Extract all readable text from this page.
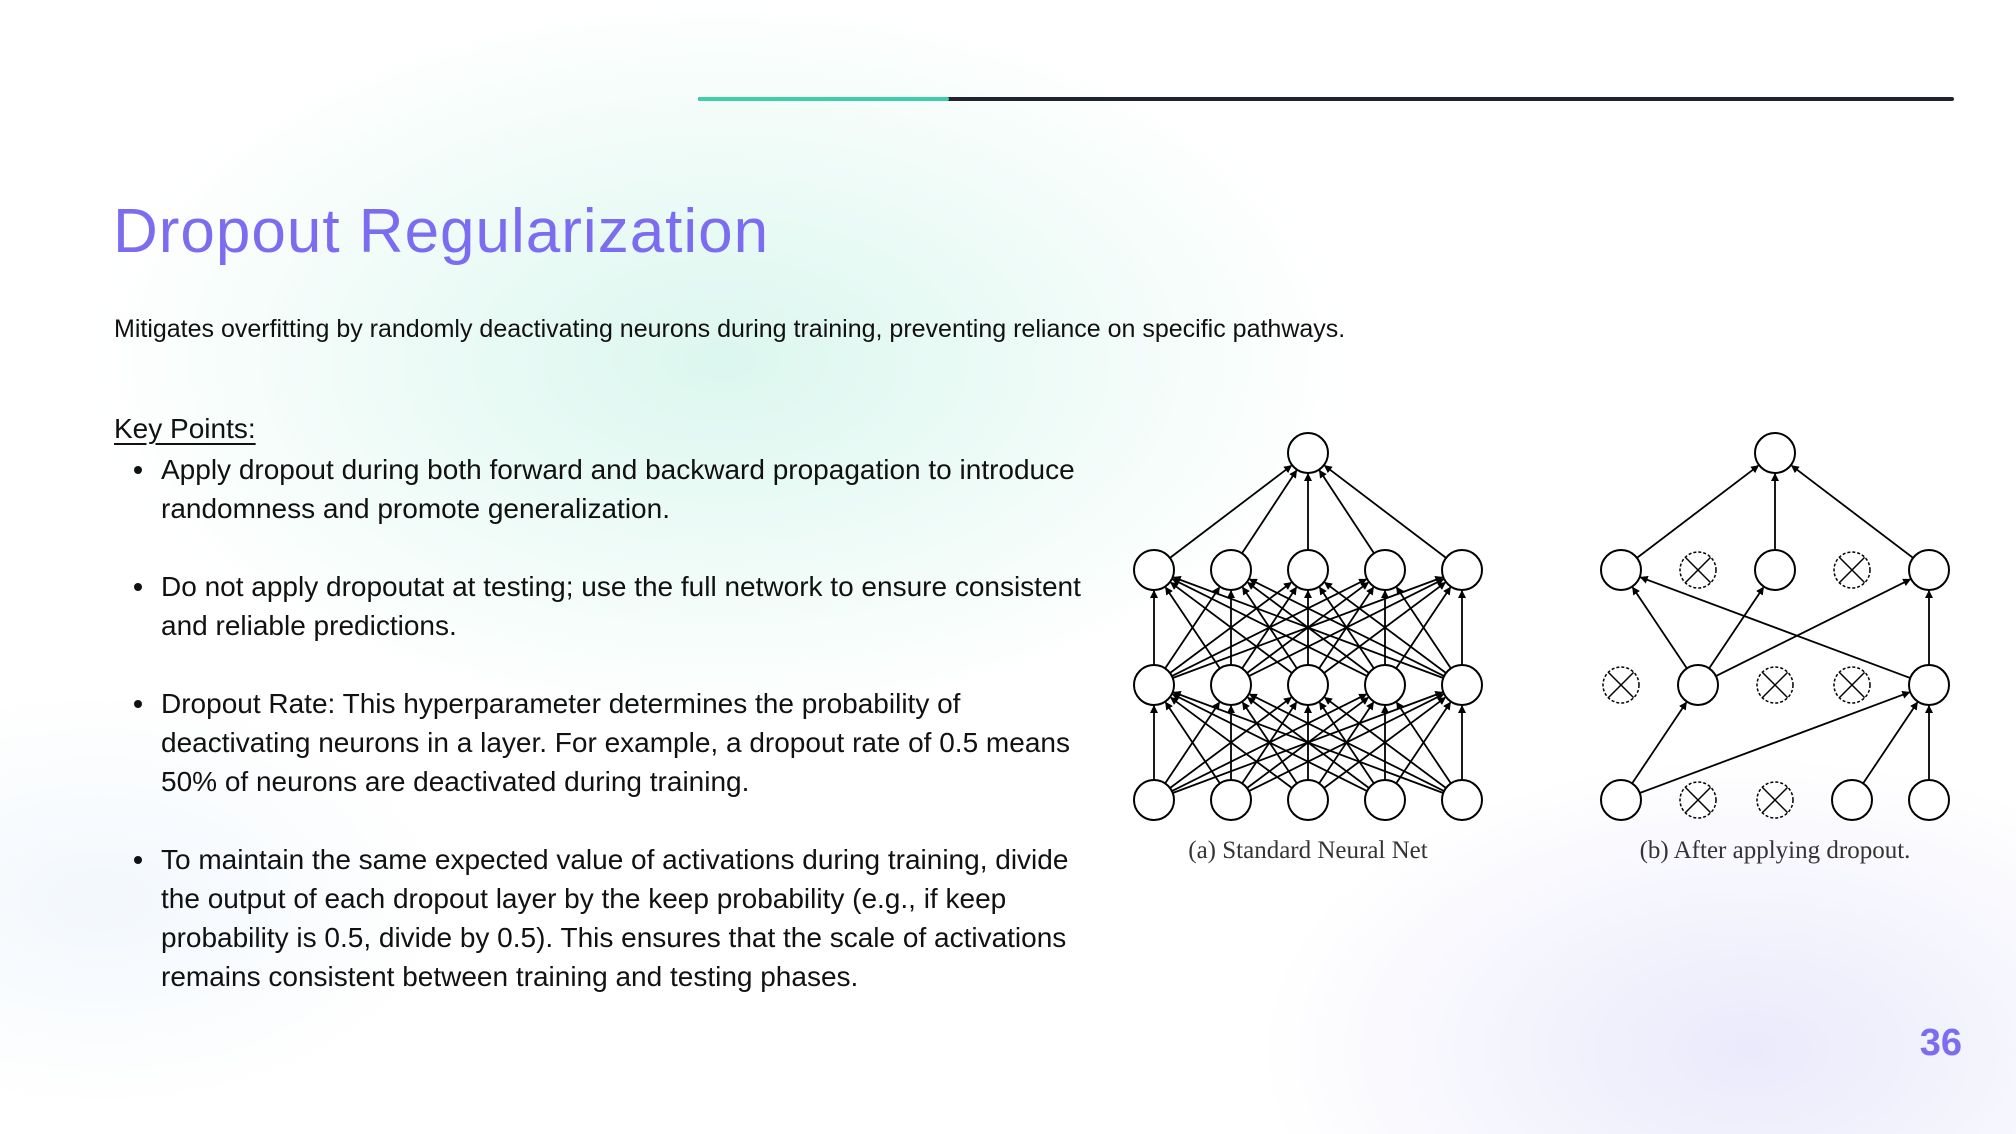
Dropout Regularization

Mitigates overfitting by randomly deactivating neurons during training, preventing reliance on specific pathways.

Key Points:

Apply dropout during both forward and backward propagation to introduce randomness and promote generalization.
Do not apply dropoutat at testing; use the full network to ensure consistent and reliable predictions.
Dropout Rate: This hyperparameter determines the probability of deactivating neurons in a layer. For example, a dropout rate of 0.5 means 50% of neurons are deactivated during training.
To maintain the same expected value of activations during training, divide the output of each dropout layer by the keep probability (e.g., if keep probability is 0.5, divide by 0.5). This ensures that the scale of activations remains consistent between training and testing phases.
(a) Standard Neural Net	(b) After applying dropout.
36
